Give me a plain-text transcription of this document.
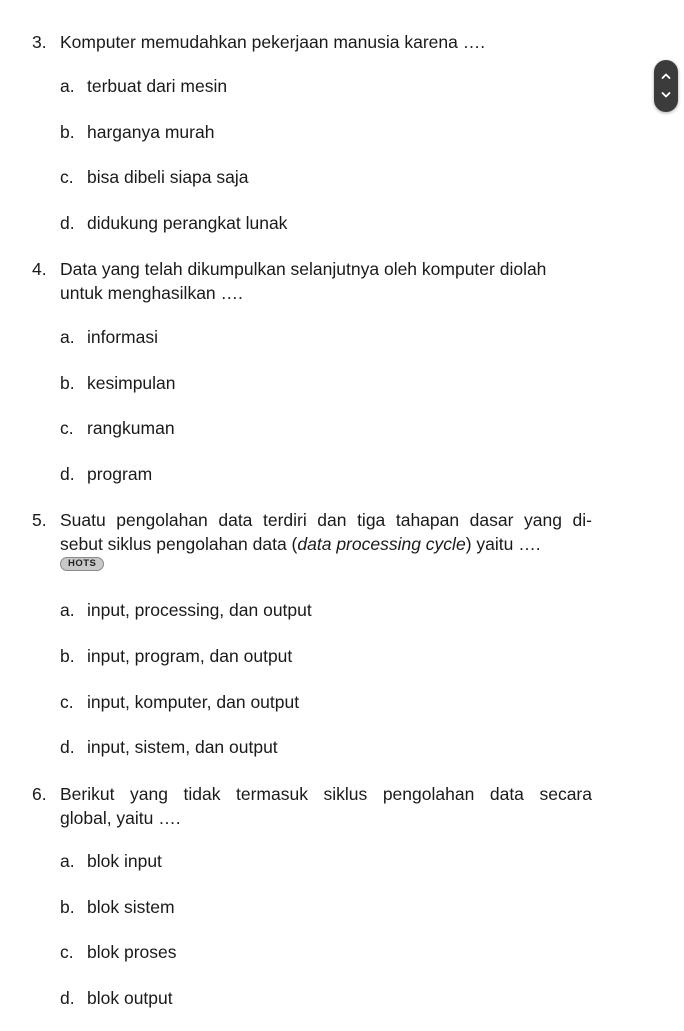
3. Komputer memudahkan pekerjaan manusia karena ….
a. terbuat dari mesin
b. harganya murah
c. bisa dibeli siapa saja
d. didukung perangkat lunak
4. Data yang telah dikumpulkan selanjutnya oleh komputer diolah
untuk menghasilkan ….
a. informasi
b. kesimpulan
c. rangkuman
d. program
5. Suatu pengolahan data terdiri dan tiga tahapan dasar yang di-
sebut siklus pengolahan data (data processing cycle) yaitu ….
HOTS
a. input, processing, dan output
b. input, program, dan output
c. input, komputer, dan output
d. input, sistem, dan output
6. Berikut yang tidak termasuk siklus pengolahan data secara
global, yaitu ….
a. blok input
b. blok sistem
c. blok proses
d. blok output
